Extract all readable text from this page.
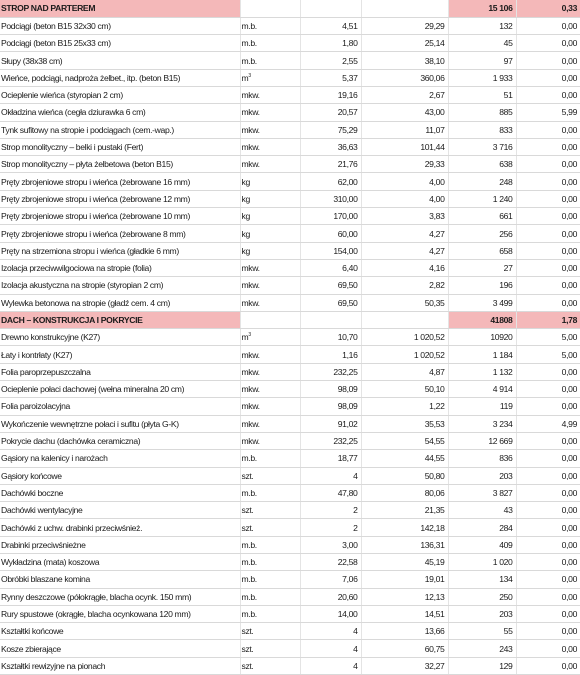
STROP NAD PARTEREM				15 106	0,33
Podciągi (beton B15 32x30 cm)	m.b.	4,51	29,29	132	0,00
Podciągi (beton B15 25x33 cm)	m.b.	1,80	25,14	45	0,00
Słupy (38x38 cm)	m.b.	2,55	38,10	97	0,00
Wieńce, podciągi, nadproża żelbet., itp. (beton B15)	$m^3$	5,37	360,06	1 933	0,00
Ocieplenie wieńca (styropian 2 cm)	mkw.	19,16	2,67	51	0,00
Okładzina wieńca (cegła dziurawka 6 cm)	mkw.	20,57	43,00	885	5,99
Tynk sufitowy na stropie i podciągach (cem.-wap.)	mkw.	75,29	11,07	833	0,00
Strop monolityczny – belki i pustaki (Fert)	mkw.	36,63	101,44	3 716	0,00
Strop monolityczny – płyta żelbetowa (beton B15)	mkw.	21,76	29,33	638	0,00
Pręty zbrojeniowe stropu i wieńca (żebrowane 16 mm)	kg	62,00	4,00	248	0,00
Pręty zbrojeniowe stropu i wieńca (żebrowane 12 mm)	kg	310,00	4,00	1 240	0,00
Pręty zbrojeniowe stropu i wieńca (żebrowane 10 mm)	kg	170,00	3,83	661	0,00
Pręty zbrojeniowe stropu i wieńca (żebrowane 8 mm)	kg	60,00	4,27	256	0,00
Pręty na strzemiona stropu i wieńca (gładkie 6 mm)	kg	154,00	4,27	658	0,00
Izolacja przeciwwilgociowa na stropie (folia)	mkw.	6,40	4,16	27	0,00
Izolacja akustyczna na stropie (styropian 2 cm)	mkw.	69,50	2,82	196	0,00
Wylewka betonowa na stropie (gładź cem. 4 cm)	mkw.	69,50	50,35	3 499	0,00
DACH – KONSTRUKCJA I POKRYCIE				41808	1,78
Drewno konstrukcyjne (K27)	$m^3$	10,70	1 020,52	10920	5,00
Łaty i kontrłaty (K27)	mkw.	1,16	1 020,52	1 184	5,00
Folia paroprzepuszczalna	mkw.	232,25	4,87	1 132	0,00
Ocieplenie połaci dachowej (wełna mineralna 20 cm)	mkw.	98,09	50,10	4 914	0,00
Folia paroizolacyjna	mkw.	98,09	1,22	119	0,00
Wykończenie wewnętrzne połaci i sufitu (płyta G-K)	mkw.	91,02	35,53	3 234	4,99
Pokrycie dachu (dachówka ceramiczna)	mkw.	232,25	54,55	12 669	0,00
Gąsiory na kalenicy i narożach	m.b.	18,77	44,55	836	0,00
Gąsiory końcowe	szt.	4	50,80	203	0,00
Dachówki boczne	m.b.	47,80	80,06	3 827	0,00
Dachówki wentylacyjne	szt.	2	21,35	43	0,00
Dachówki z uchw. drabinki przeciwśnież.	szt.	2	142,18	284	0,00
Drabinki przeciwśnieżne	m.b.	3,00	136,31	409	0,00
Wykładzina (mata) koszowa	m.b.	22,58	45,19	1 020	0,00
Obróbki blaszane komina	m.b.	7,06	19,01	134	0,00
Rynny deszczowe (półokrągłe, blacha ocynk. 150 mm)	m.b.	20,60	12,13	250	0,00
Rury spustowe (okrągłe, blacha ocynkowana 120 mm)	m.b.	14,00	14,51	203	0,00
Kształtki końcowe	szt.	4	13,66	55	0,00
Kosze zbierające	szt.	4	60,75	243	0,00
Kształtki rewizyjne na pionach	szt.	4	32,27	129	0,00
